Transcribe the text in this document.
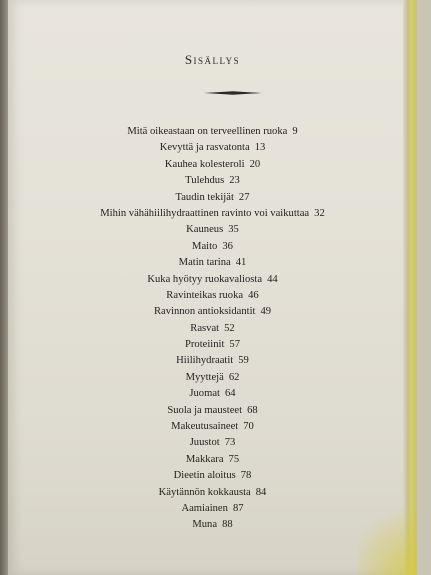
Sisällys
Mitä oikeastaan on terveellinen ruoka 9
Kevyttä ja rasvatonta 13
Kauhea kolesteroli 20
Tulehdus 23
Taudin tekijät 27
Mihin vähähiilihydraattinen ravinto voi vaikuttaa 32
Kauneus 35
Maito 36
Matin tarina 41
Kuka hyötyy ruokavaliosta 44
Ravinteikas ruoka 46
Ravinnon antioksidantit 49
Rasvat 52
Proteiinit 57
Hiilihydraatit 59
Myyttejä 62
Juomat 64
Suola ja mausteet 68
Makeutusaineet 70
Juustot 73
Makkara 75
Dieetin aloitus 78
Käytännön kokkausta 84
Aamiainen 87
Muna 88
